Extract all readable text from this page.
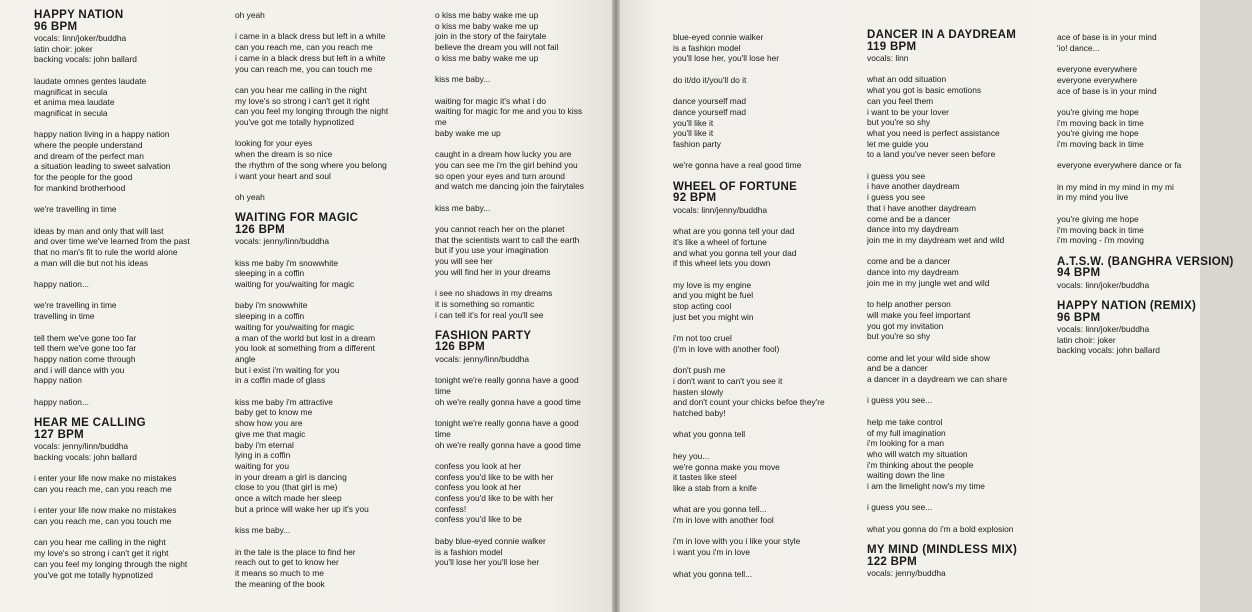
HAPPY NATION
96 BPM
vocals: linn/joker/buddha
latin choir: joker
backing vocals: john ballard
laudate omnes gentes laudate
magnificat in secula
et anima mea laudate
magnificat in secula
happy nation living in a happy nation
where the people understand
and dream of the perfect man
a situation leading to sweet salvation
for the people for the good
for mankind brotherhood
we're travelling in time
ideas by man and only that will last
and over time we've learned from the past
that no man's fit to rule the world alone
a man will die but not his ideas
happy nation...
we're travelling in time
travelling in time
tell them we've gone too far
tell them we've gone too far
happy nation come through
and i will dance with you
happy nation
happy nation...
HEAR ME CALLING
127 BPM
vocals: jenny/linn/buddha
backing vocals: john ballard
i enter your life now make no mistakes
can you reach me, can you reach me
i enter your life now make no mistakes
can you reach me, can you touch me
can you hear me calling in the night
my love's so strong i can't get it right
can you feel my longing through the night
you've got me totally hypnotized
oh yeah
i came in a black dress but left in a white
can you reach me, can you reach me
i came in a black dress but left in a white
you can reach me, you can touch me
can you hear me calling in the night
my love's so strong i can't get it right
can you feel my longing through the night
you've got me totally hypnotized
looking for your eyes
when the dream is so nice
the rhythm of the song where you belong
i want your heart and soul
oh yeah
WAITING FOR MAGIC
126 BPM
vocals: jenny/linn/buddha
kiss me baby i'm snowwhite
sleeping in a coffin
waiting for you/waiting for magic
baby i'm snowwhite
sleeping in a coffin
waiting for you/waiting for magic
a man of the world but lost in a dream
you look at something from a different
angle
but i exist i'm waiting for you
in a coffin made of glass
kiss me baby i'm attractive
baby get to know me
show how you are
give me that magic
baby i'm eternal
lying in a coffin
waiting for you
in your dream a girl is dancing
close to you (that girl is me)
once a witch made her sleep
but a prince will wake her up it's you
kiss me baby...
in the tale is the place to find her
reach out to get to know her
it means so much to me
the meaning of the book
o kiss me baby wake me up
o kiss me baby wake me up
join in the story of the fairytale
believe the dream you will not fail
o kiss me baby wake me up
kiss me baby...
waiting for magic it's what i do
waiting for magic for me and you to kiss
me
baby wake me up
caught in a dream how lucky you are
you can see me i'm the girl behind you
so open your eyes and turn around
and watch me dancing join the fairytales
kiss me baby...
you cannot reach her on the planet
that the scientists want to call the earth
but if you use your imagination
you will see her
you will find her in your dreams
i see no shadows in my dreams
it is something so romantic
i can tell it's for real you'll see
FASHION PARTY
126 BPM
vocals: jenny/linn/buddha
tonight we're really gonna have a good
time
oh we're really gonna have a good time
tonight we're really gonna have a good
time
oh we're really gonna have a good time
confess you look at her
confess you'd like to be with her
confess you look at her
confess you'd like to be with her
confess!
confess you'd like to be
baby blue-eyed connie walker
is a fashion model
you'll lose her you'll lose her
blue-eyed connie walker
is a fashion model
you'll lose her, you'll lose her
do it/do it/you'll do it
dance yourself mad
dance yourself mad
you'll like it
you'll like it
fashion party
we're gonna have a real good time
WHEEL OF FORTUNE
92 BPM
vocals: linn/jenny/buddha
what are you gonna tell your dad
it's like a wheel of fortune
and what you gonna tell your dad
if this wheel lets you down
my love is my engine
and you might be fuel
stop acting cool
just bet you might win
i'm not too cruel
(i'm in love with another fool)
don't push me
i don't want to can't you see it
hasten slowly
and don't count your chicks befoe they're
hatched baby!
what you gonna tell
hey you...
we're gonna make you move
it tastes like steel
like a stab from a knife
what are you gonna tell...
i'm in love with another fool
i'm in love with you i like your style
i want you i'm in love
what you gonna tell...
DANCER IN A DAYDREAM
119 BPM
vocals: linn
what an odd situation
what you got is basic emotions
can you feel them
i want to be your lover
but you're so shy
what you need is perfect assistance
let me guide you
to a land you've never seen before
i guess you see
i have another daydream
i guess you see
that i have another daydream
come and be a dancer
dance into my daydream
join me in my daydream wet and wild
come and be a dancer
dance into my daydream
join me in my jungle wet and wild
to help another person
will make you feel important
you got my invitation
but you're so shy
come and let your wild side show
and be a dancer
a dancer in a daydream we can share
i guess you see...
help me take control
of my full imagination
i'm looking for a man
who will watch my situation
i'm thinking about the people
waiting down the line
i am the limelight now's my time
i guess you see...
what you gonna do i'm a bold explosion
MY MIND (MINDLESS MIX)
122 BPM
vocals: jenny/buddha
ace of base is in your mind
'io! dance...
everyone everywhere
everyone everywhere
ace of base is in your mind
you're giving me hope
i'm moving back in time
you're giving me hope
i'm moving back in time
everyone everywhere dance or fa
in my mind in my mind in my mi
in my mind you live
you're giving me hope
i'm moving back in time
i'm moving - i'm moving
A.T.S.W. (BANGHRA VERSION)
94 BPM
vocals: linn/joker/buddha
HAPPY NATION (REMIX)
96 BPM
vocals: linn/joker/buddha
latin choir: joker
backing vocals: john ballard
